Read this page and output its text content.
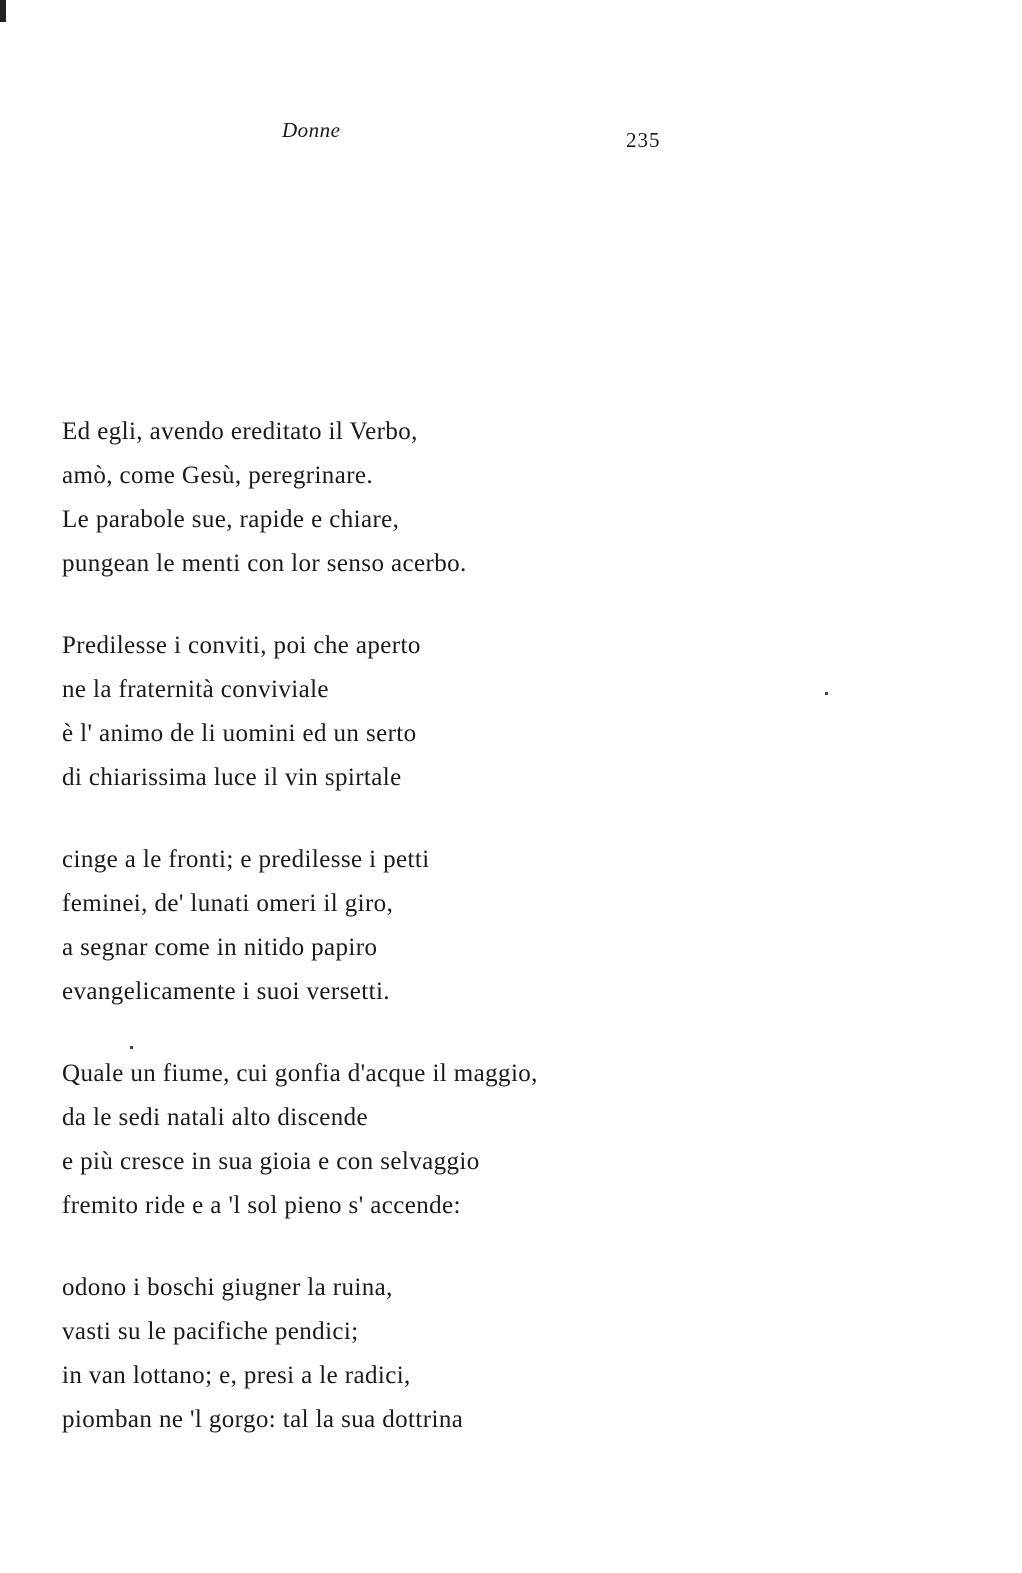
Donne	235
Ed egli, avendo ereditato il Verbo,
amò, come Gesù, peregrinare.
Le parabole sue, rapide e chiare,
pungean le menti con lor senso acerbo.
Predilesse i conviti, poi che aperto
ne la fraternità conviviale
è l' animo de li uomini ed un serto
di chiarissima luce il vin spirtale
cinge a le fronti; e predilesse i petti
feminei, de' lunati omeri il giro,
a segnar come in nitido papiro
evangelicamente i suoi versetti.
Quale un fiume, cui gonfia d'acque il maggio,
da le sedi natali alto discende
e più cresce in sua gioia e con selvaggio
fremito ride e a 'l sol pieno s' accende:
odono i boschi giugner la ruina,
vasti su le pacifiche pendici;
in van lottano; e, presi a le radici,
piomban ne 'l gorgo: tal la sua dottrina
